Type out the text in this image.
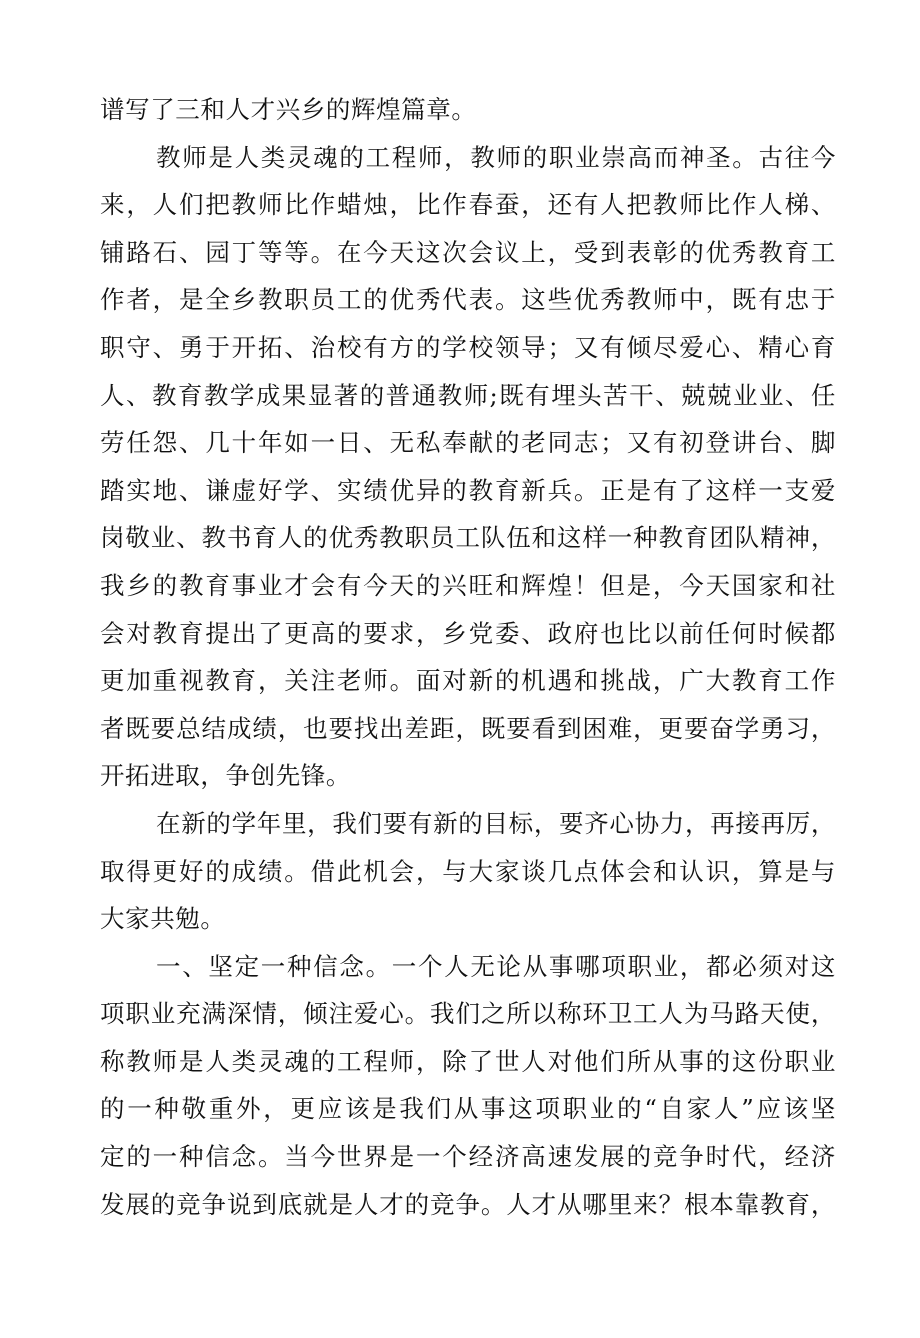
谱写了三和人才兴乡的辉煌篇章。
教师是人类灵魂的工程师，教师的职业崇高而神圣。古往今
来，人们把教师比作蜡烛，比作春蚕，还有人把教师比作人梯、
铺路石、园丁等等。在今天这次会议上，受到表彰的优秀教育工
作者，是全乡教职员工的优秀代表。这些优秀教师中，既有忠于
职守、勇于开拓、治校有方的学校领导；又有倾尽爱心、精心育
人、教育教学成果显著的普通教师;既有埋头苦干、兢兢业业、任
劳任怨、几十年如一日、无私奉献的老同志；又有初登讲台、脚
踏实地、谦虚好学、实绩优异的教育新兵。正是有了这样一支爱
岗敬业、教书育人的优秀教职员工队伍和这样一种教育团队精神，
我乡的教育事业才会有今天的兴旺和辉煌！但是，今天国家和社
会对教育提出了更高的要求，乡党委、政府也比以前任何时候都
更加重视教育，关注老师。面对新的机遇和挑战，广大教育工作
者既要总结成绩，也要找出差距，既要看到困难，更要奋学勇习，
开拓进取，争创先锋。
在新的学年里，我们要有新的目标，要齐心协力，再接再厉，
取得更好的成绩。借此机会，与大家谈几点体会和认识，算是与
大家共勉。
一、坚定一种信念。一个人无论从事哪项职业，都必须对这
项职业充满深情，倾注爱心。我们之所以称环卫工人为马路天使，
称教师是人类灵魂的工程师，除了世人对他们所从事的这份职业
的一种敬重外，更应该是我们从事这项职业的“自家人”应该坚
定的一种信念。当今世界是一个经济高速发展的竞争时代，经济
发展的竞争说到底就是人才的竞争。人才从哪里来？根本靠教育，
